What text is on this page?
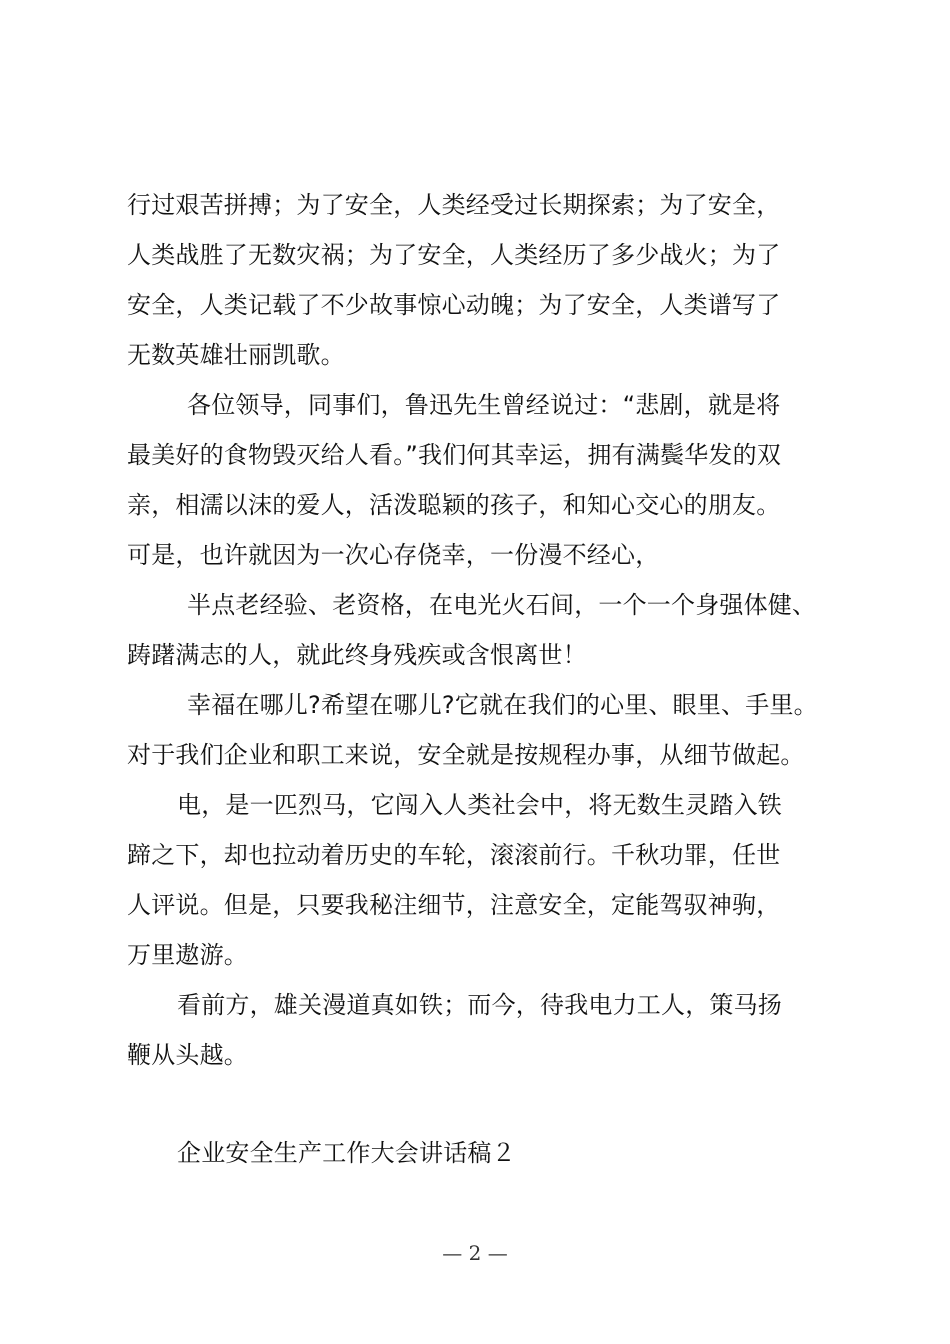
行过艰苦拼搏；为了安全，人类经受过长期探索；为了安全，
人类战胜了无数灾祸；为了安全，人类经历了多少战火；为了
安全，人类记载了不少故事惊心动魄；为了安全，人类谱写了
无数英雄壮丽凯歌。
各位领导，同事们，鲁迅先生曾经说过：“悲剧，就是将
最美好的食物毁灭给人看。”我们何其幸运，拥有满鬓华发的双
亲，相濡以沫的爱人，活泼聪颖的孩子，和知心交心的朋友。
可是，也许就因为一次心存侥幸，一份漫不经心，
半点老经验、老资格，在电光火石间，一个一个身强体健、
踌躇满志的人，就此终身残疾或含恨离世！
幸福在哪儿?希望在哪儿?它就在我们的心里、眼里、手里。
对于我们企业和职工来说，安全就是按规程办事，从细节做起。
电，是一匹烈马，它闯入人类社会中，将无数生灵踏入铁
蹄之下，却也拉动着历史的车轮，滚滚前行。千秋功罪，任世
人评说。但是，只要我秘注细节，注意安全，定能驾驭神驹，
万里遨游。
看前方，雄关漫道真如铁；而今，待我电力工人，策马扬
鞭从头越。
企业安全生产工作大会讲话稿２
— 2 —
